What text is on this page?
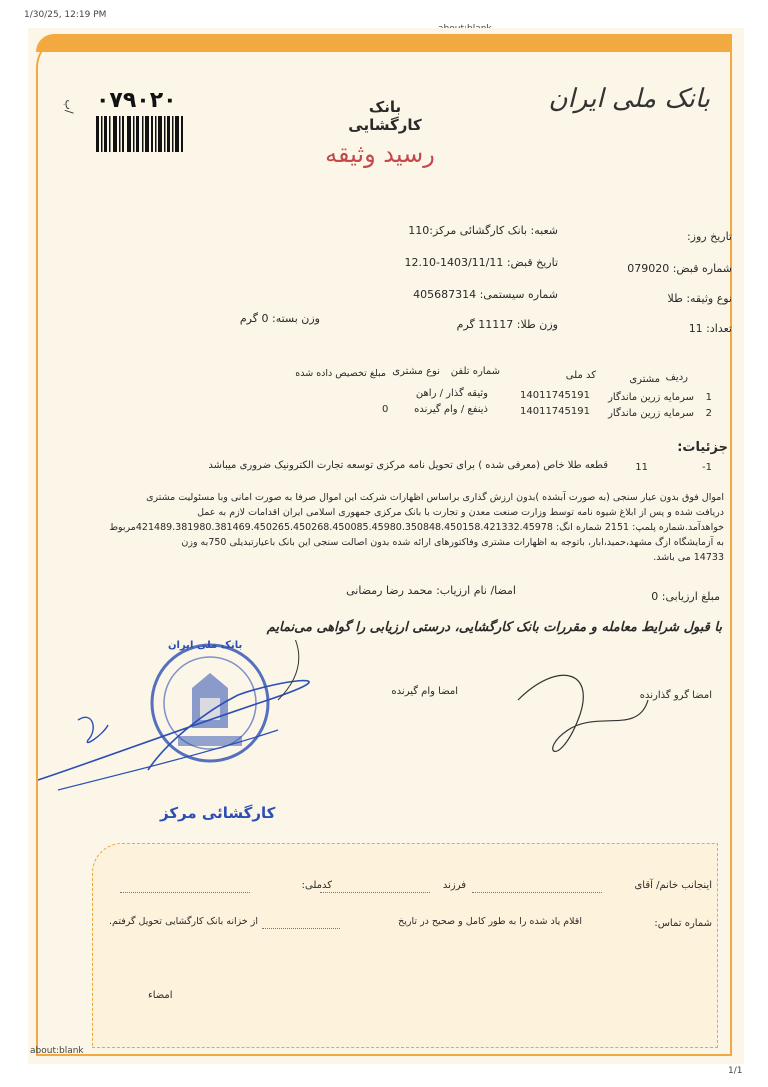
1/30/25, 12:19 PM
بانک ملی ایران
بانک کارگشایی
رسید وثیقه
۰۷۹۰۲۰
ب/
تاریخ روز:
شماره قبض: 079020
نوع وثیقه: طلا
تعداد: 11
شعبه: بانک کارگشائی مرکز:110
تاریخ قبض: 1403/11/11-12.10
شماره سیستمی: 405687314
وزن طلا: 11117 گرم
وزن بسته: 0 گرم
ردیف
مشتری
کد ملی
شماره تلفن
نوع مشتری
مبلغ تخصیص داده شده
1
سرمایه زرین ماندگار
14011745191
وثیقه گذار / راهن
2
سرمایه زرین ماندگار
14011745191
ذینفع / وام گیرنده
0
جزئیات:
1-
11
قطعه طلا خاص (معرفی شده ) برای تحویل نامه مرکزی توسعه تجارت الکترونیک ضروری میباشد
اموال فوق بدون عیار سنجی (به صورت آبشده )بدون ارزش گذاری براساس اظهارات شرکت این اموال صرفا به صورت امانی وبا مسئولیت مشتری
دریافت شده و پس از ابلاغ شیوه نامه توسط وزارت صنعت معدن و تجارت با بانک مرکزی جمهوری اسلامی ایران اقدامات لازم به عمل
خواهدآمد.شماره پلمپ: 2151 شماره انگ: 421489.381980.381469.450265.450268.450085.45980.350848.450158.421332.45978مربوط
به آزمایشگاه ازگ مشهد،حمید،ابار، باتوجه به اظهارات مشتری وفاکتورهای ارائه شده بدون اصالت سنجی این بانک باعیارتبدیلی 750به وزن
14733 می باشد.
مبلغ ارزیابی: 0
امضا/ نام ارزیاب: محمد رضا رمضانی
با قبول شرایط معامله و مقررات بانک کارگشایی، درستی ارزیابی را گواهی می‌نمایم
امضا گرو گذارنده
امضا وام گیرنده
بانک ملی ایران
کارگشائی مرکز
اینجانب خانم/ آقای
فرزند
کدملی:
شماره تماس:
اقلام یاد شده را به طور کامل و صحیح در تاریخ
از خزانه بانک کارگشایی تحویل گرفتم.
امضاء
about:blank
1/1
